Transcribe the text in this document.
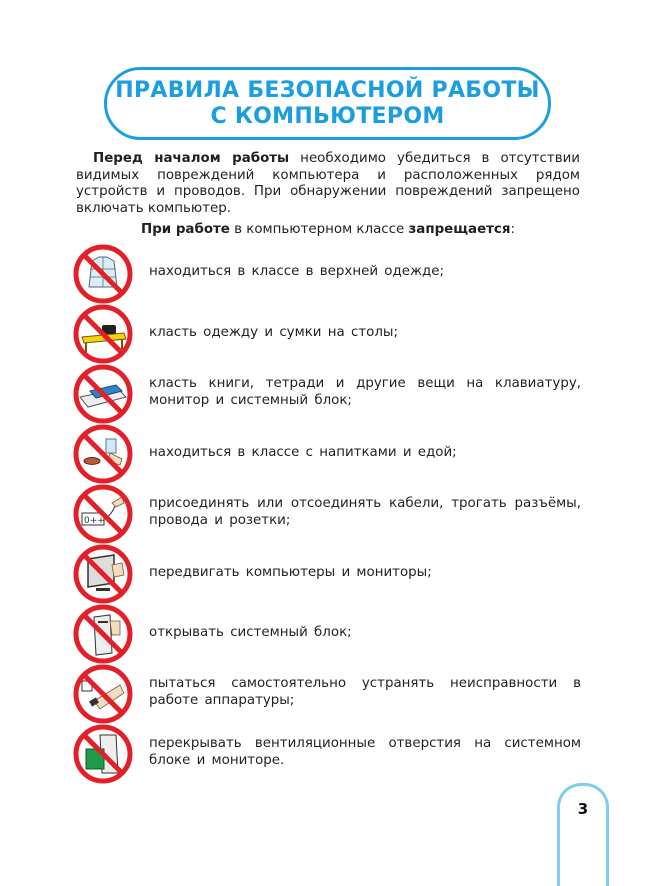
ПРАВИЛА БЕЗОПАСНОЙ РАБОТЫ
С КОМПЬЮТЕРОМ
Перед началом работы необходимо убедиться в отсутствии видимых повреждений компьютера и расположенных рядом устройств и проводов. При обнаружении повреждений запрещено включать компьютер.
При работе в компьютерном классе запрещается:
находиться в классе в верхней одежде;
класть одежду и сумки на столы;
класть книги, тетради и другие вещи на клавиатуру, монитор и системный блок;
находиться в классе с напитками и едой;
0++
присоединять или отсоединять кабели, трогать разъёмы, провода и розетки;
передвигать компьютеры и мониторы;
открывать системный блок;
пытаться самостоятельно устранять неисправности в работе аппаратуры;
перекрывать вентиляционные отверстия на системном блоке и мониторе.
3
